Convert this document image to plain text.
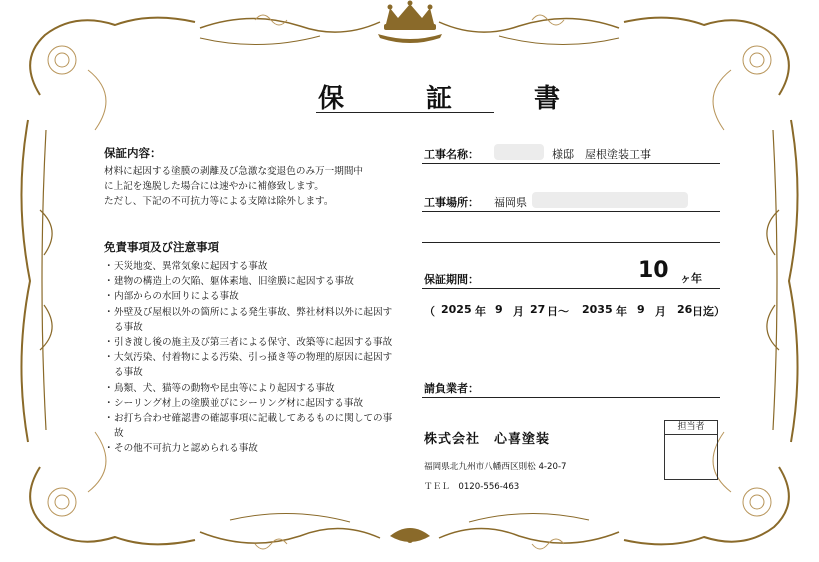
保　証　書
保証内容：
材料に起因する塗膜の剥離及び急激な変退色のみ万一期間中
に上記を逸脱した場合には速やかに補修致します。
ただし、下記の不可抗力等による支障は除外します。
免責事項及び注意事項
・ 天災地変、異常気象に起因する事故
・ 建物の構造上の欠陥、躯体素地、旧塗膜に起因する事故
・ 内部からの水回りによる事故
・ 外壁及び屋根以外の箇所による発生事故、弊社材料以外に起因する事故
・ 引き渡し後の施主及び第三者による保守、改築等に起因する事故
・ 大気汚染、付着物による汚染、引っ掻き等の物理的原因に起因する事故
・ 鳥類、犬、猫等の動物や昆虫等により起因する事故
・ シーリング材上の塗膜並びにシーリング材に起因する事故
・ お打ち合わせ確認書の確認事項に記載してあるものに関しての事故
・ その他不可抗力と認められる事故
工事名称：	様邸　屋根塗装工事
工事場所： 福岡県
保証期間：	10 ヶ年
（ 2025 年 9 月 27 日～ 2035 年 9 月 26 日迄）
請負業者：
株式会社　心喜塗装
福岡県北九州市八幡西区則松 4-20-7
ＴＥＬ　0120-556-463
担当者
